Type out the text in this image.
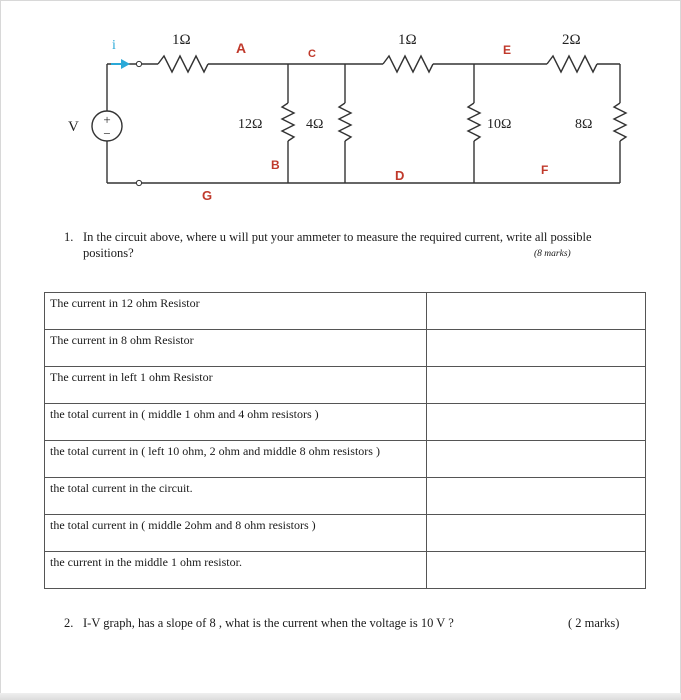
+
−
V
i	1Ω
12Ω	4Ω
1Ω
10Ω
2Ω
8Ω
A	C
B
D
E
F
G
1. In the circuit above, where u will put your ammeter to measure the required current, write all possible positions?	(8 marks)
The current in 12 ohm Resistor	
The current in 8 ohm Resistor	
The current in left 1 ohm Resistor	
the total current in ( middle 1 ohm and 4 ohm resistors )	
the total current in ( left 10 ohm, 2 ohm and middle 8 ohm resistors )	
the total current in the circuit.	
the total current in ( middle 2ohm and 8 ohm resistors )	
the current in the middle 1 ohm resistor.	
2. I-V graph, has a slope of 8 , what is the current when the voltage is 10 V ?	( 2 marks)
